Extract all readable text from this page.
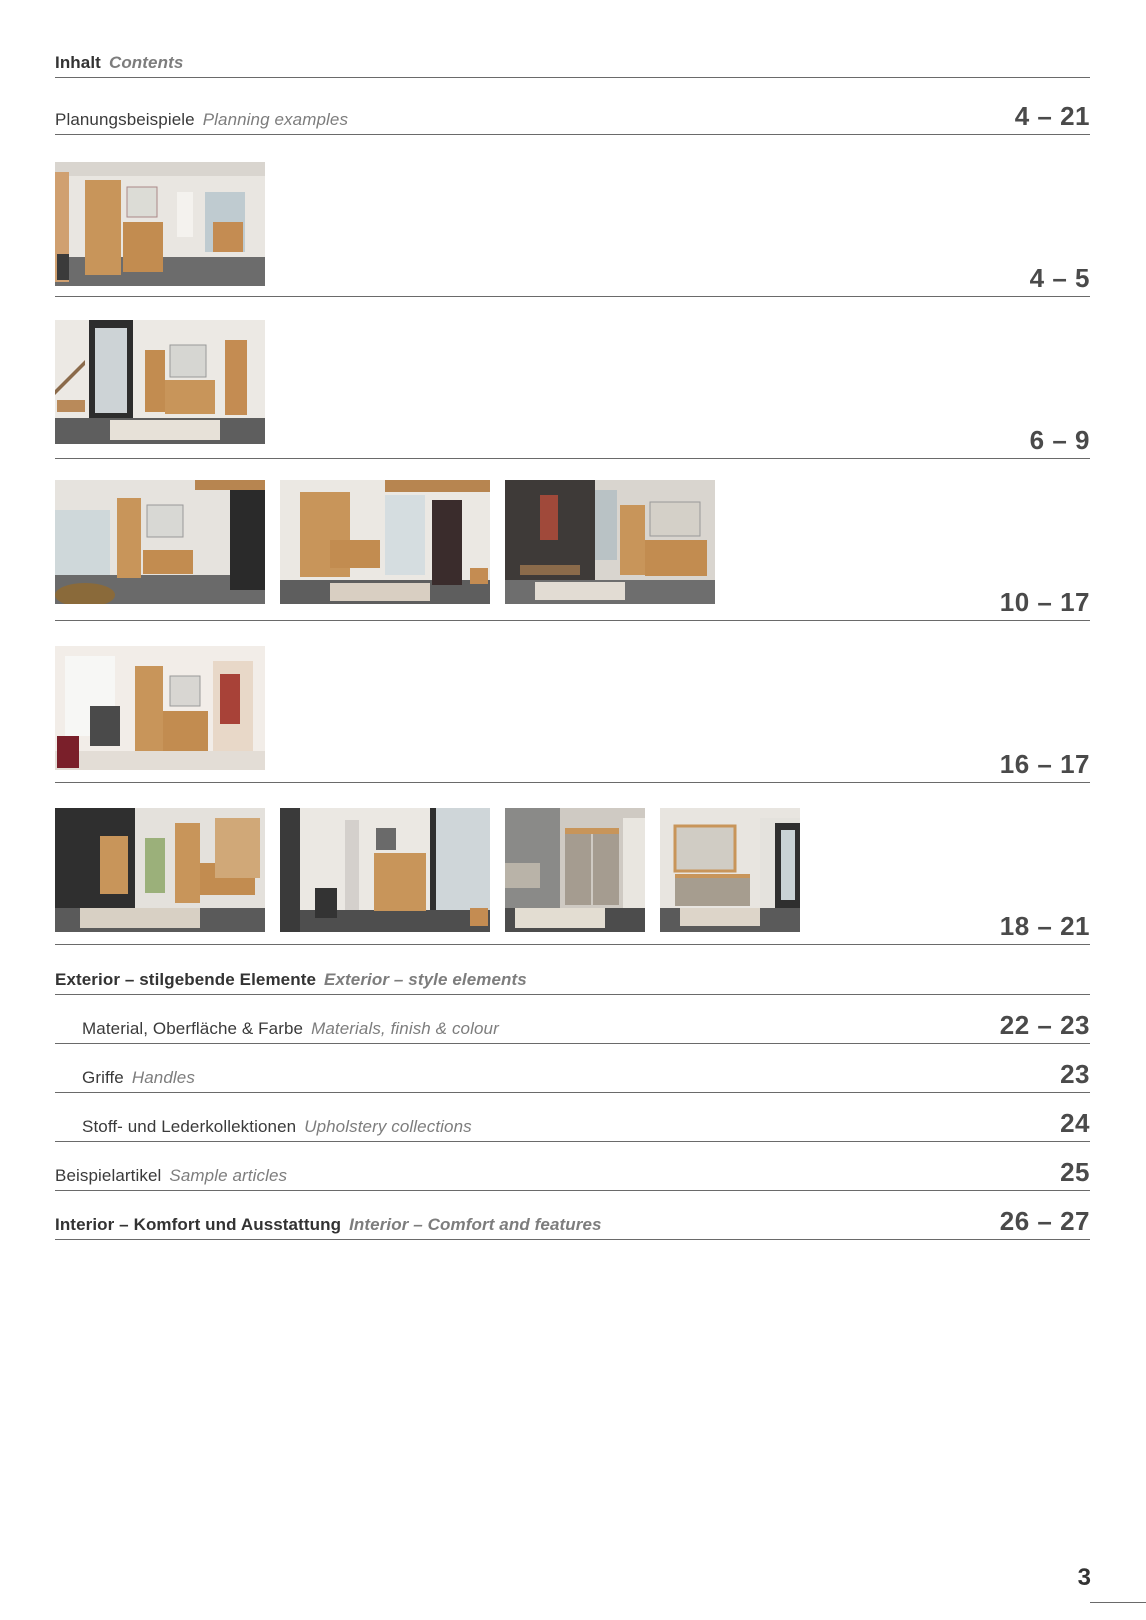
Inhalt Contents
Planungsbeispiele Planning examples	4 – 21
4 – 5
6 – 9
10 – 17
16 – 17
18 – 21
Exterior – stilgebende Elemente Exterior – style elements
Material, Oberfläche & Farbe Materials, finish & colour	22 – 23
Griffe Handles	23
Stoff- und Lederkollektionen Upholstery collections	24
Beispielartikel Sample articles	25
Interior – Komfort und Ausstattung Interior – Comfort and features	26 – 27
3
